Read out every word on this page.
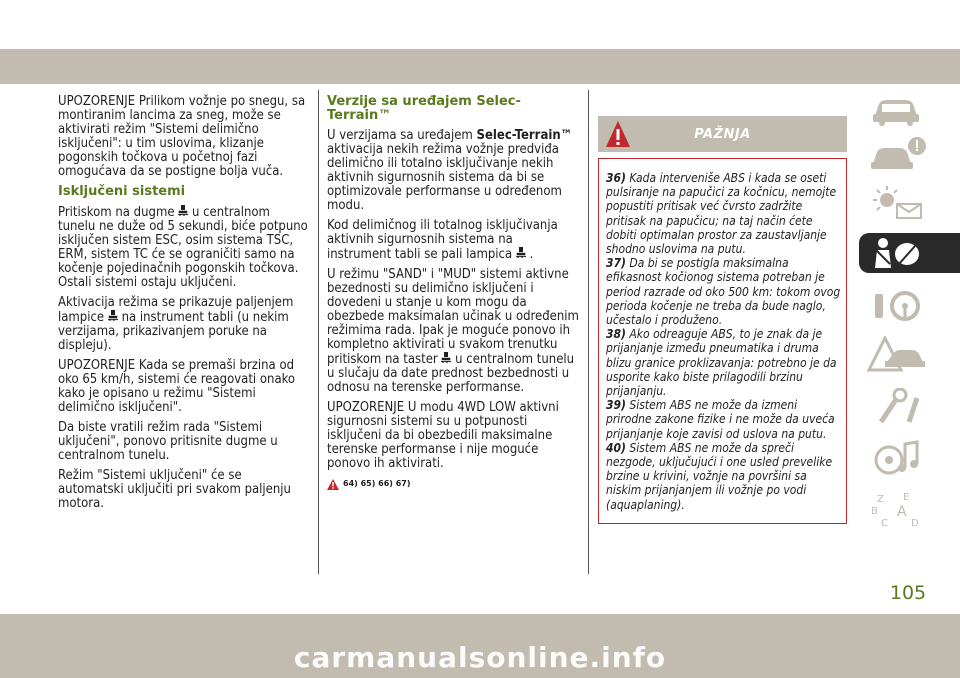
UPOZORENJE Prilikom vožnje po snegu, sa montiranim lancima za sneg, može se aktivirati režim "Sistemi delimično isključeni": u tim uslovima, klizanje pogonskih točkova u početnoj fazi omogućava da se postigne bolja vuča.

Isključeni sistemi

Pritiskom na dugme u centralnom tunelu ne duže od 5 sekundi, biće potpuno isključen sistem ESC, osim sistema TSC, ERM, sistem TC će se ograničiti samo na kočenje pojedinačnih pogonskih točkova. Ostali sistemi ostaju uključeni.

Aktivacija režima se prikazuje paljenjem lampice na instrument tabli (u nekim verzijama, prikazivanjem poruke na displeju).

UPOZORENJE Kada se premaši brzina od oko 65 km/h, sistemi će reagovati onako kako je opisano u režimu "Sistemi delimično isključeni".

Da biste vratili režim rada "Sistemi uključeni", ponovo pritisnite dugme u centralnom tunelu.

Režim "Sistemi uključeni" će se automatski uključiti pri svakom paljenju motora.

Verzije sa uređajem Selec-Terrain™

U verzijama sa uređajem Selec-Terrain™ aktivacija nekih režima vožnje predviđa delimično ili totalno isključivanje nekih aktivnih sigurnosnih sistema da bi se optimizovale performanse u određenom modu.

Kod delimičnog ili totalnog isključivanja aktivnih sigurnosnih sistema na instrument tabli se pali lampica .

U režimu "SAND" i "MUD" sistemi aktivne bezednosti su delimično isključeni i dovedeni u stanje u kom mogu da obezbede maksimalan učinak u određenim režimima rada. Ipak je moguće ponovo ih kompletno aktivirati u svakom trenutku pritiskom na taster u centralnom tunelu u slučaju da date prednost bezbednosti u odnosu na terenske performanse.

UPOZORENJE U modu 4WD LOW aktivni sigurnosni sistemi su u potpunosti isključeni da bi obezbedili maksimalne terenske performanse i nije moguće ponovo ih aktivirati.

64) 65) 66) 67)
PAŽNJA

36) Kada interveniše ABS i kada se oseti pulsiranje na papučici za kočnicu, nemojte popustiti pritisak već čvrsto zadržite pritisak na papučicu; na taj način ćete dobiti optimalan prostor za zaustavljanje shodno uslovima na putu.

37) Da bi se postigla maksimalna efikasnost kočionog sistema potreban je period razrade od oko 500 km: tokom ovog perioda kočenje ne treba da bude naglo, učestalo i produženo.

38) Ako odreaguje ABS, to je znak da je prijanjanje između pneumatika i druma blizu granice proklizavanja: potrebno je da usporite kako biste prilagodili brzinu prijanjanju.

39) Sistem ABS ne može da izmeni prirodne zakone fizike i ne može da uveća prijanjanje koje zavisi od uslova na putu.

40) Sistem ABS ne može da spreči nezgode, uključujući i one usled prevelike brzine u krivini, vožnje na površini sa niskim prijanjanjem ili vožnje po vodi (aquaplaning).	Z E
B A
C D
105
carmanualsonline.info
